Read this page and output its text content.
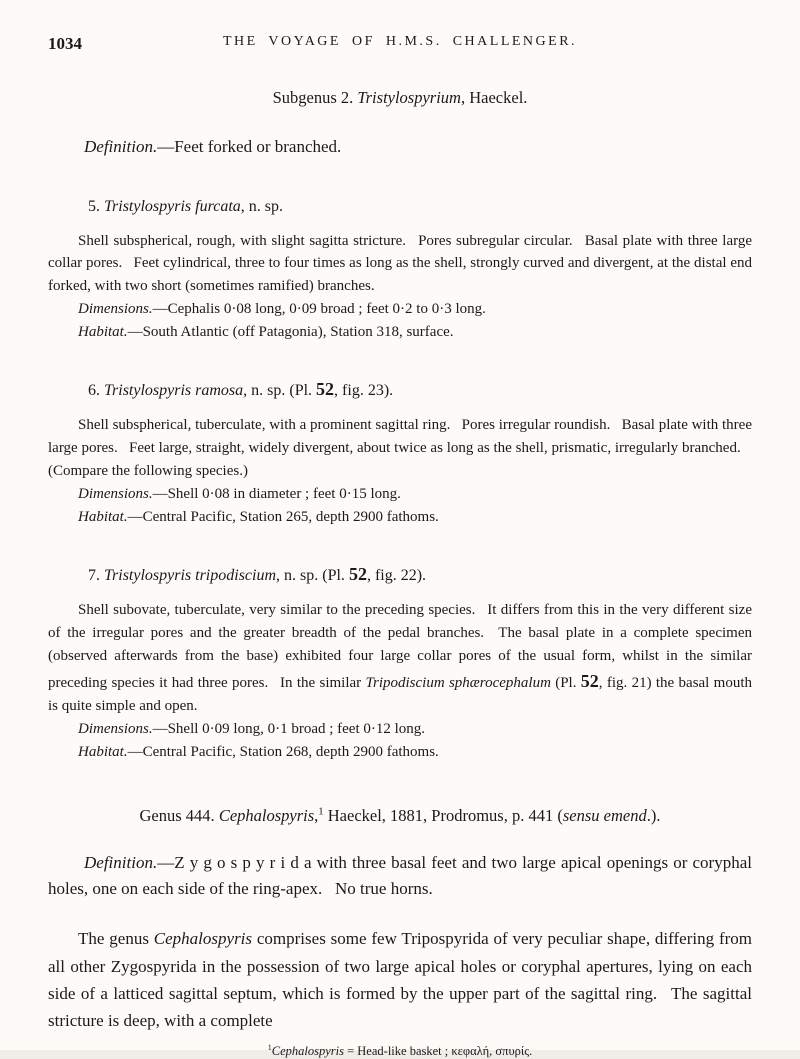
1034	THE VOYAGE OF H.M.S. CHALLENGER.
Subgenus 2. Tristylospyrium, Haeckel.

Definition.—Feet forked or branched.

5. Tristylospyris furcata, n. sp.

Shell subspherical, rough, with slight sagitta stricture.  Pores subregular circular.  Basal plate with three large collar pores.  Feet cylindrical, three to four times as long as the shell, strongly curved and divergent, at the distal end forked, with two short (sometimes ramified) branches.

Dimensions.—Cephalis 0·08 long, 0·09 broad ; feet 0·2 to 0·3 long.

Habitat.—South Atlantic (off Patagonia), Station 318, surface.

6. Tristylospyris ramosa, n. sp. (Pl. 52, fig. 23).

Shell subspherical, tuberculate, with a prominent sagittal ring.  Pores irregular roundish.  Basal plate with three large pores.  Feet large, straight, widely divergent, about twice as long as the shell, prismatic, irregularly branched.  (Compare the following species.)

Dimensions.—Shell 0·08 in diameter ; feet 0·15 long.

Habitat.—Central Pacific, Station 265, depth 2900 fathoms.

7. Tristylospyris tripodiscium, n. sp. (Pl. 52, fig. 22).

Shell subovate, tuberculate, very similar to the preceding species.  It differs from this in the very different size of the irregular pores and the greater breadth of the pedal branches.  The basal plate in a complete specimen (observed afterwards from the base) exhibited four large collar pores of the usual form, whilst in the similar preceding species it had three pores.  In the similar Tripodiscium sphærocephalum (Pl. 52, fig. 21) the basal mouth is quite simple and open.

Dimensions.—Shell 0·09 long, 0·1 broad ; feet 0·12 long.

Habitat.—Central Pacific, Station 268, depth 2900 fathoms.

Genus 444. Cephalospyris,$^1$ Haeckel, 1881, Prodromus, p. 441 (sensu emend.).

Definition.—Z y g o s p y r i d a with three basal feet and two large apical openings or coryphal holes, one on each side of the ring-apex.  No true horns.

The genus Cephalospyris comprises some few Tripospyrida of very peculiar shape, differing from all other Zygospyrida in the possession of two large apical holes or coryphal apertures, lying on each side of a latticed sagittal septum, which is formed by the upper part of the sagittal ring.  The sagittal stricture is deep, with a complete

$^1$Cephalospyris = Head-like basket ; κεφαλή, σπυρίς.
